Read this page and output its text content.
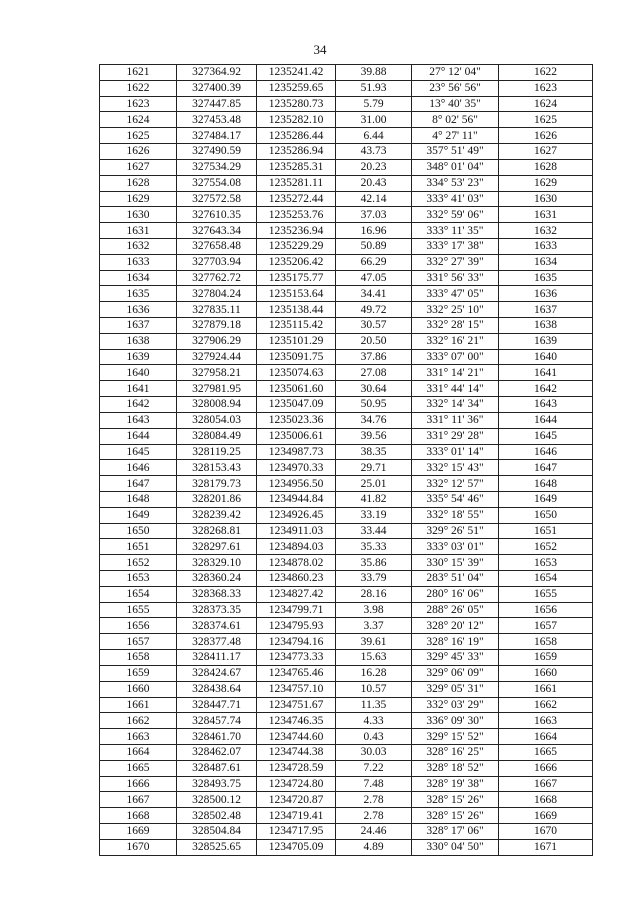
34
1621	327364.92	1235241.42	39.88	27° 12' 04"	1622
1622	327400.39	1235259.65	51.93	23° 56' 56"	1623
1623	327447.85	1235280.73	5.79	13° 40' 35"	1624
1624	327453.48	1235282.10	31.00	8° 02' 56"	1625
1625	327484.17	1235286.44	6.44	4° 27' 11"	1626
1626	327490.59	1235286.94	43.73	357° 51' 49"	1627
1627	327534.29	1235285.31	20.23	348° 01' 04"	1628
1628	327554.08	1235281.11	20.43	334° 53' 23"	1629
1629	327572.58	1235272.44	42.14	333° 41' 03"	1630
1630	327610.35	1235253.76	37.03	332° 59' 06"	1631
1631	327643.34	1235236.94	16.96	333° 11' 35"	1632
1632	327658.48	1235229.29	50.89	333° 17' 38"	1633
1633	327703.94	1235206.42	66.29	332° 27' 39"	1634
1634	327762.72	1235175.77	47.05	331° 56' 33"	1635
1635	327804.24	1235153.64	34.41	333° 47' 05"	1636
1636	327835.11	1235138.44	49.72	332° 25' 10"	1637
1637	327879.18	1235115.42	30.57	332° 28' 15"	1638
1638	327906.29	1235101.29	20.50	332° 16' 21"	1639
1639	327924.44	1235091.75	37.86	333° 07' 00"	1640
1640	327958.21	1235074.63	27.08	331° 14' 21"	1641
1641	327981.95	1235061.60	30.64	331° 44' 14"	1642
1642	328008.94	1235047.09	50.95	332° 14' 34"	1643
1643	328054.03	1235023.36	34.76	331° 11' 36"	1644
1644	328084.49	1235006.61	39.56	331° 29' 28"	1645
1645	328119.25	1234987.73	38.35	333° 01' 14"	1646
1646	328153.43	1234970.33	29.71	332° 15' 43"	1647
1647	328179.73	1234956.50	25.01	332° 12' 57"	1648
1648	328201.86	1234944.84	41.82	335° 54' 46"	1649
1649	328239.42	1234926.45	33.19	332° 18' 55"	1650
1650	328268.81	1234911.03	33.44	329° 26' 51"	1651
1651	328297.61	1234894.03	35.33	333° 03' 01"	1652
1652	328329.10	1234878.02	35.86	330° 15' 39"	1653
1653	328360.24	1234860.23	33.79	283° 51' 04"	1654
1654	328368.33	1234827.42	28.16	280° 16' 06"	1655
1655	328373.35	1234799.71	3.98	288° 26' 05"	1656
1656	328374.61	1234795.93	3.37	328° 20' 12"	1657
1657	328377.48	1234794.16	39.61	328° 16' 19"	1658
1658	328411.17	1234773.33	15.63	329° 45' 33"	1659
1659	328424.67	1234765.46	16.28	329° 06' 09"	1660
1660	328438.64	1234757.10	10.57	329° 05' 31"	1661
1661	328447.71	1234751.67	11.35	332° 03' 29"	1662
1662	328457.74	1234746.35	4.33	336° 09' 30"	1663
1663	328461.70	1234744.60	0.43	329° 15' 52"	1664
1664	328462.07	1234744.38	30.03	328° 16' 25"	1665
1665	328487.61	1234728.59	7.22	328° 18' 52"	1666
1666	328493.75	1234724.80	7.48	328° 19' 38"	1667
1667	328500.12	1234720.87	2.78	328° 15' 26"	1668
1668	328502.48	1234719.41	2.78	328° 15' 26"	1669
1669	328504.84	1234717.95	24.46	328° 17' 06"	1670
1670	328525.65	1234705.09	4.89	330° 04' 50"	1671
